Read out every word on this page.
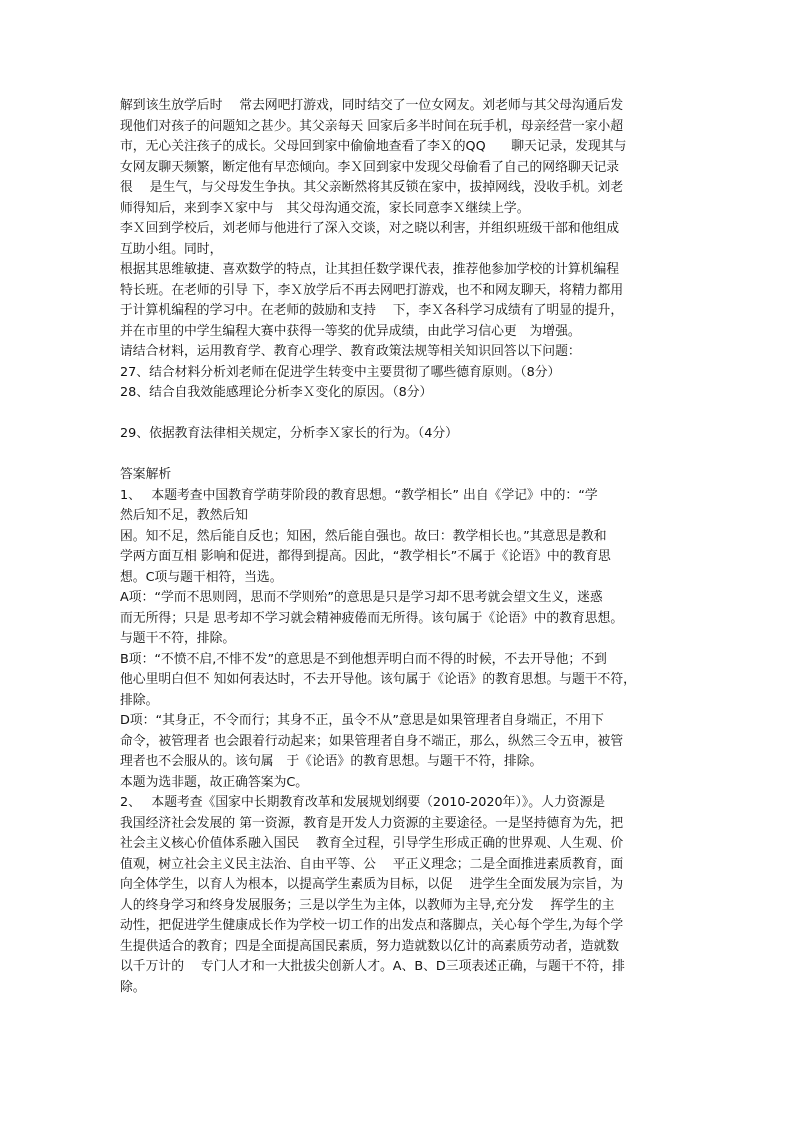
解到该生放学后时　 常去网吧打游戏，同时结交了一位女网友。刘老师与其父母沟通后发
现他们对孩子的问题知之甚少。其父亲每天 回家后多半时间在玩手机，母亲经营一家小超
市，无心关注孩子的成长。父母回到家中偷偷地查看了李Ｘ的QQ　　聊天记录，发现其与
女网友聊天频繁，断定他有早恋倾向。李Ｘ回到家中发现父母偷看了自己的网络聊天记录
很　 是生气，与父母发生争执。其父亲断然将其反锁在家中，拔掉网线，没收手机。刘老
师得知后，来到李Ｘ家中与　其父母沟通交流，家长同意李Ｘ继续上学。
李Ｘ回到学校后，刘老师与他进行了深入交谈，对之晓以利害，并组织班级干部和他组成
互助小组。同时，
根据其思维敏捷、喜欢数学的特点，让其担任数学课代表，推荐他参加学校的计算机编程
特长班。在老师的引导 下，李Ｘ放学后不再去网吧打游戏，也不和网友聊天，将精力都用
于计算机编程的学习中。在老师的鼓励和支持　 下，李Ｘ各科学习成绩有了明显的提升，
并在市里的中学生编程大赛中获得一等奖的优异成绩，由此学习信心更　为增强。
请结合材料，运用教育学、教育心理学、教育政策法规等相关知识回答以下问题：
27、结合材料分析刘老师在促进学生转变中主要贯彻了哪些德育原则。（8分）
28、结合自我效能感理论分析李Ｘ变化的原因。（8分）
29、依据教育法律相关规定，分析李Ｘ家长的行为。（4分）
答案解析
1、　 本题考查中国教育学萌芽阶段的教育思想。“教学相长” 出自《学记》中的：“学
然后知不足，教然后知
困。知不足，然后能自反也；知困，然后能自强也。故曰：教学相长也。”其意思是教和
学两方面互相 影响和促进，都得到提高。因此，“教学相长”不属于《论语》中的教育思
想。C项与题干相符，当选。
A项：“学而不思则罔，思而不学则殆”的意思是只是学习却不思考就会望文生义，迷惑
而无所得；只是 思考却不学习就会精神疲倦而无所得。该句属于《论语》中的教育思想。
与题干不符，排除。
B项：“不愤不启,不悱不发”的意思是不到他想弄明白而不得的时候，不去开导他；不到
他心里明白但不 知如何表达时，不去开导他。该句属于《论语》的教育思想。与题干不符，
排除。
D项：“其身正，不令而行；其身不正，虽令不从”意思是如果管理者自身端正，不用下
命令，被管理者 也会跟着行动起来；如果管理者自身不端正，那么，纵然三令五申，被管
理者也不会服从的。该句属　于《论语》的教育思想。与题干不符，排除。
本题为选非题，故正确答案为C。
2、　 本题考查《国家中长期教育改革和发展规划纲要（2010-2020年）》。人力资源是
我国经济社会发展的 第一资源，教育是开发人力资源的主要途径。一是坚持德育为先，把
社会主义核心价值体系融入国民　 教育全过程，引导学生形成正确的世界观、人生观、价
值观，树立社会主义民主法治、自由平等、公　 平正义理念；二是全面推进素质教育，面
向全体学生，以育人为根本，以提高学生素质为目标，以促　 进学生全面发展为宗旨，为
人的终身学习和终身发展服务；三是以学生为主体，以教师为主导,充分发　 挥学生的主
动性，把促进学生健康成长作为学校一切工作的出发点和落脚点，关心每个学生,为每个学
生提供适合的教育；四是全面提高国民素质，努力造就数以亿计的高素质劳动者，造就数
以千万计的　 专门人才和一大批拔尖创新人才。A、B、D三项表述正确，与题干不符，排
除。
